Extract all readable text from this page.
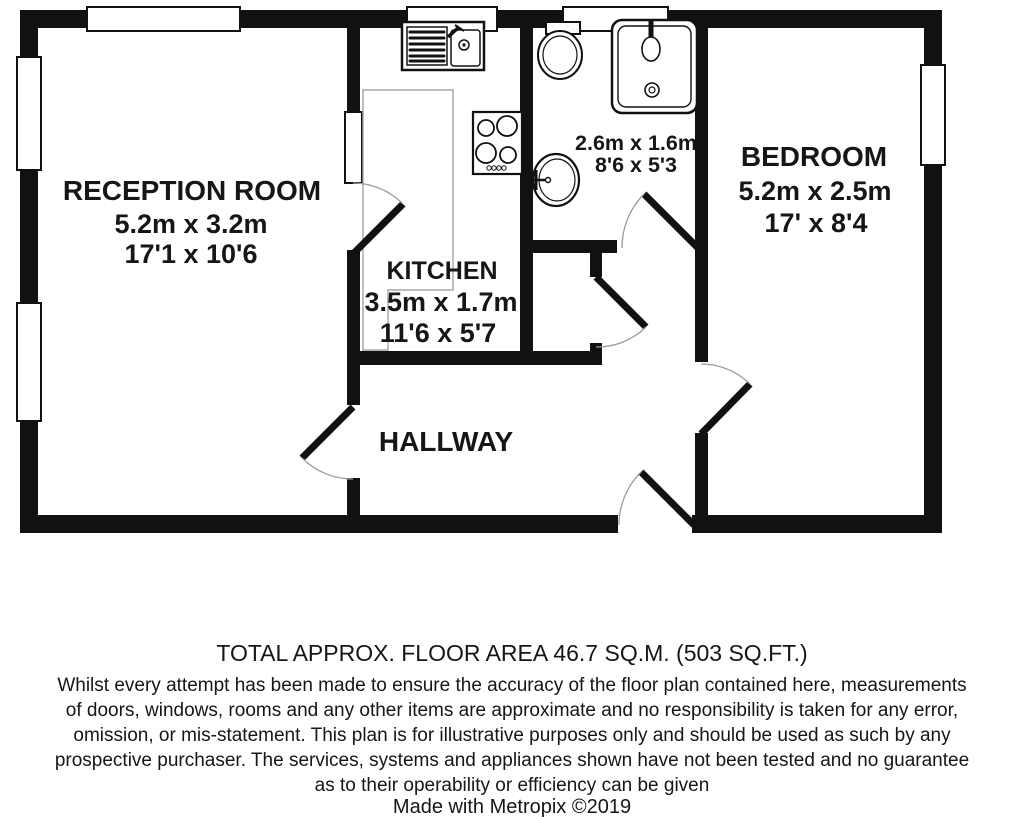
RECEPTION ROOM
5.2m x 3.2m
17'1 x 10'6
KITCHEN
3.5m x 1.7m
11'6 x 5'7
2.6m x 1.6m
8'6 x 5'3 BEDROOM
5.2m x 2.5m
17' x 8'4
HALLWAY
TOTAL APPROX. FLOOR AREA 46.7 SQ.M. (503 SQ.FT.)
Whilst every attempt has been made to ensure the accuracy of the floor plan contained here, measurements
of doors, windows, rooms and any other items are approximate and no responsibility is taken for any error,
omission, or mis-statement. This plan is for illustrative purposes only and should be used as such by any
prospective purchaser. The services, systems and appliances shown have not been tested and no guarantee
as to their operability or efficiency can be given
Made with Metropix ©2019
